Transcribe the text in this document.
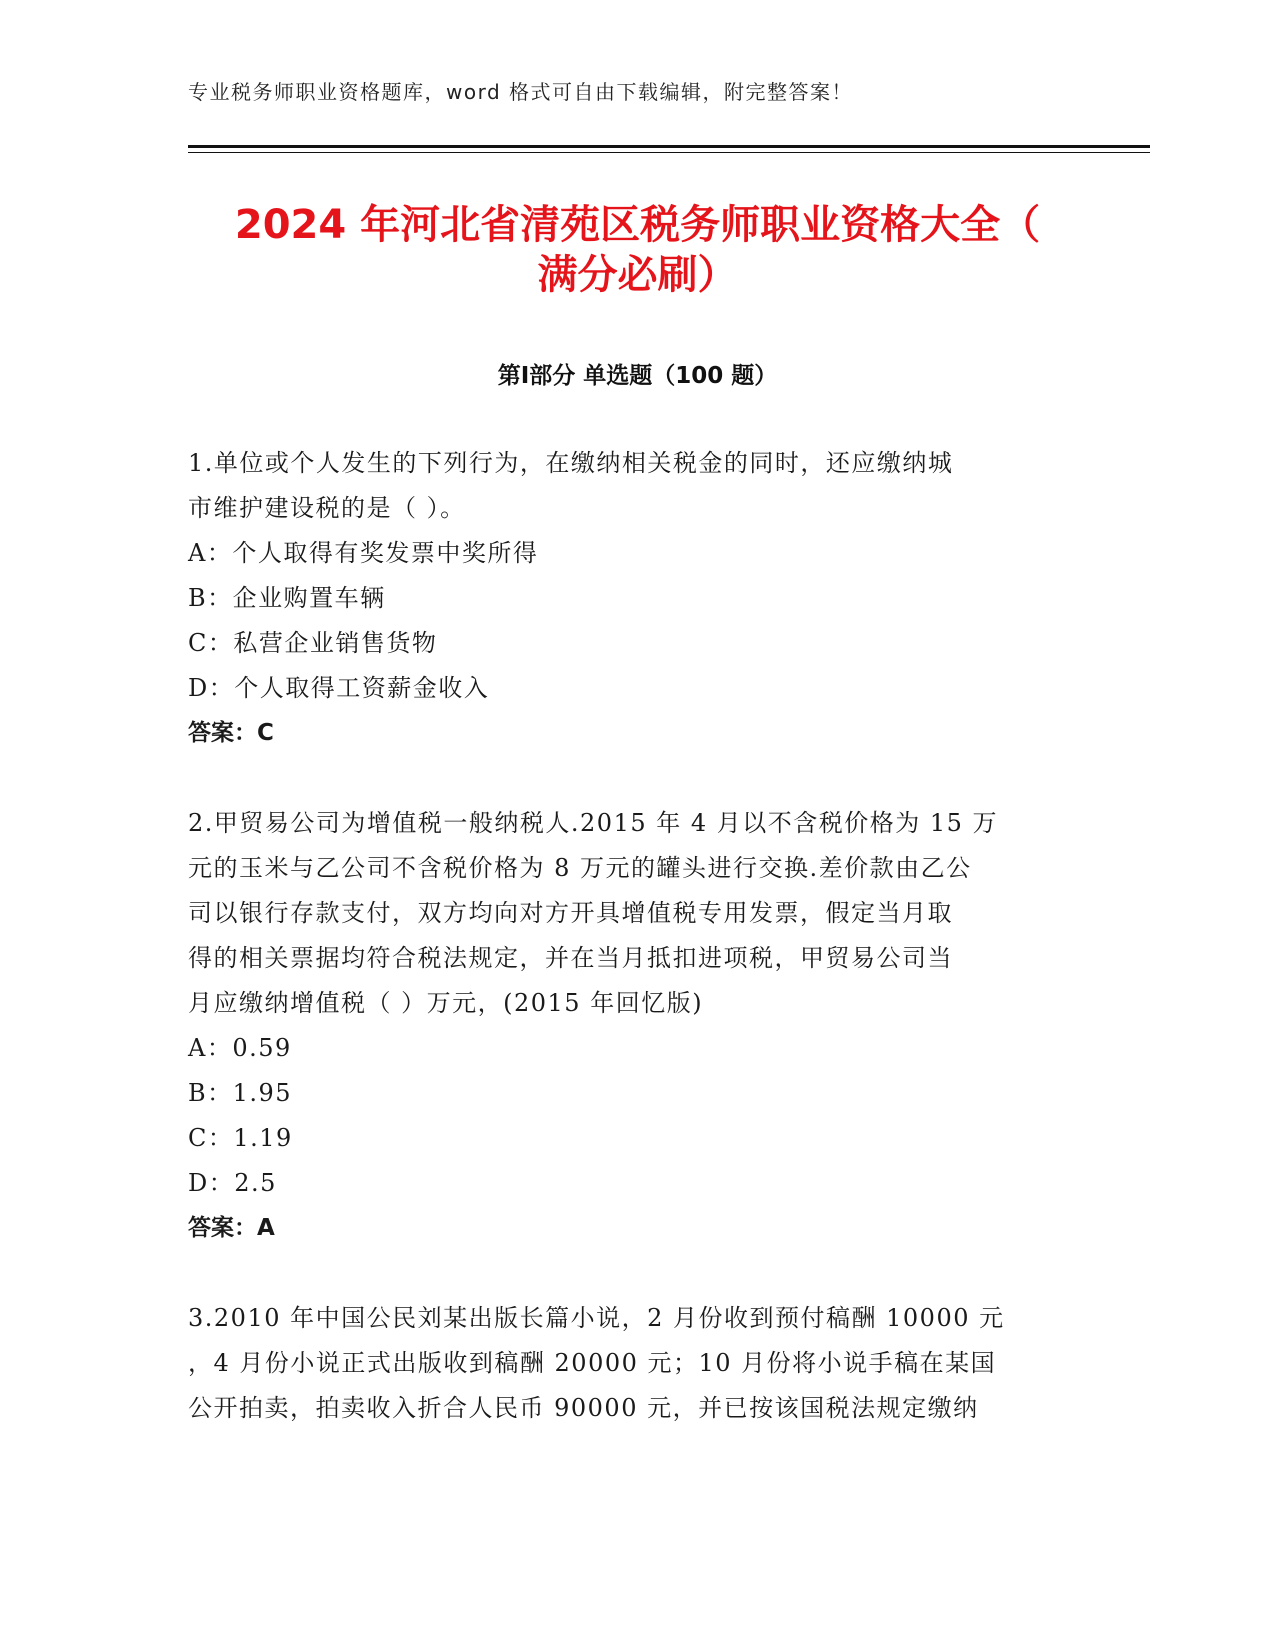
专业税务师职业资格题库，word 格式可自由下载编辑，附完整答案！
2024 年河北省清苑区税务师职业资格大全（
满分必刷）
第Ⅰ部分 单选题（100 题）
1.单位或个人发生的下列行为，在缴纳相关税金的同时，还应缴纳城
市维护建设税的是（ ）。
A：个人取得有奖发票中奖所得
B：企业购置车辆
C：私营企业销售货物
D：个人取得工资薪金收入
答案：C
2.甲贸易公司为增值税一般纳税人.2015 年 4 月以不含税价格为 15 万
元的玉米与乙公司不含税价格为 8 万元的罐头进行交换.差价款由乙公
司以银行存款支付，双方均向对方开具增值税专用发票，假定当月取
得的相关票据均符合税法规定，并在当月抵扣进项税，甲贸易公司当
月应缴纳增值税（ ）万元，(2015 年回忆版)
A：0.59
B：1.95
C：1.19
D：2.5
答案：A
3.2010 年中国公民刘某出版长篇小说，2 月份收到预付稿酬 10000 元
，4 月份小说正式出版收到稿酬 20000 元；10 月份将小说手稿在某国
公开拍卖，拍卖收入折合人民币 90000 元，并已按该国税法规定缴纳
